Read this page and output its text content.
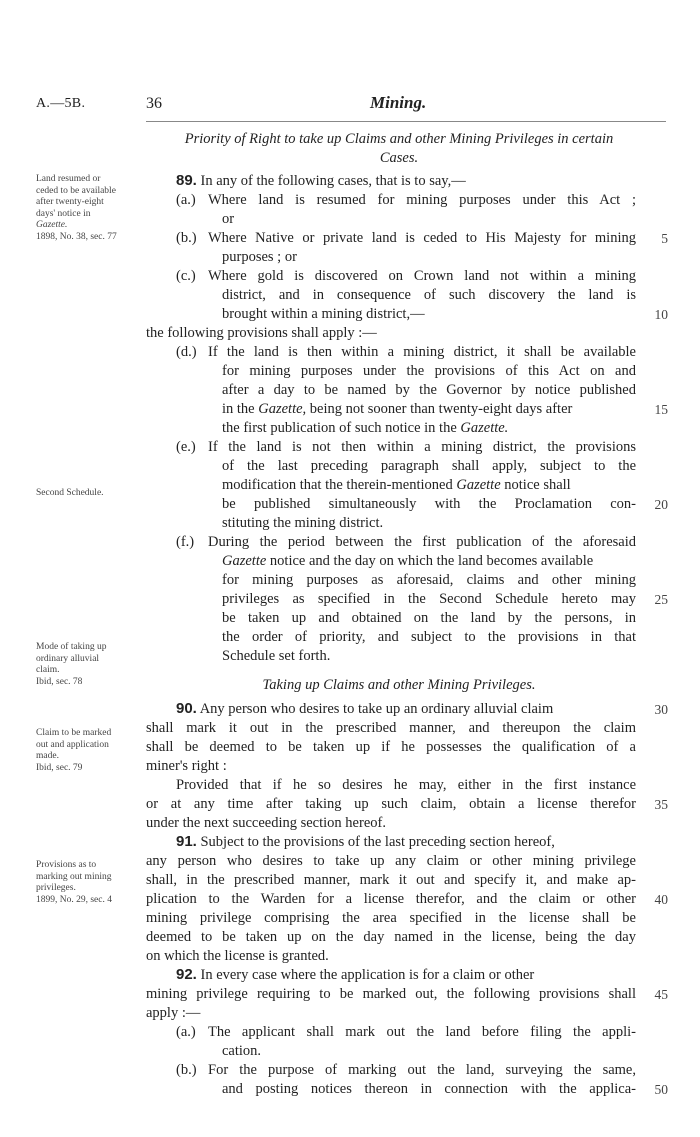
A.—5B.	36	Mining.
Priority of Right to take up Claims and other Mining Privileges in certain
Cases.
Land resumed or
ceded to be available
after twenty-eight
days' notice in
Gazette.
1898, No. 38, sec. 77
Second Schedule.
Mode of taking up
ordinary alluvial
claim.
Ibid, sec. 78
Claim to be marked
out and application
made.
Ibid, sec. 79
Provisions as to
marking out mining
privileges.
1899, No. 29, sec. 4
89. In any of the following cases, that is to say,—
(a.) Where land is resumed for mining purposes under this Act ;
or
(b.) Where Native or private land is ceded to His Majesty for mining
purposes ; or
(c.) Where gold is discovered on Crown land not within a mining
district, and in consequence of such discovery the land is
brought within a mining district,—
the following provisions shall apply :—
(d.) If the land is then within a mining district, it shall be available
for mining purposes under the provisions of this Act on and
after a day to be named by the Governor by notice published
in the Gazette, being not sooner than twenty-eight days after
the first publication of such notice in the Gazette.
(e.) If the land is not then within a mining district, the provisions
of the last preceding paragraph shall apply, subject to the
modification that the therein-mentioned Gazette notice shall
be published simultaneously with the Proclamation con-
stituting the mining district.
(f.) During the period between the first publication of the aforesaid
Gazette notice and the day on which the land becomes available
for mining purposes as aforesaid, claims and other mining
privileges as specified in the Second Schedule hereto may
be taken up and obtained on the land by the persons, in
the order of priority, and subject to the provisions in that
Schedule set forth.
Taking up Claims and other Mining Privileges.
90. Any person who desires to take up an ordinary alluvial claim
shall mark it out in the prescribed manner, and thereupon the claim
shall be deemed to be taken up if he possesses the qualification of a
miner's right :
Provided that if he so desires he may, either in the first instance
or at any time after taking up such claim, obtain a license therefor
under the next succeeding section hereof.
91. Subject to the provisions of the last preceding section hereof,
any person who desires to take up any claim or other mining privilege
shall, in the prescribed manner, mark it out and specify it, and make ap-
plication to the Warden for a license therefor, and the claim or other
mining privilege comprising the area specified in the license shall be
deemed to be taken up on the day named in the license, being the day
on which the license is granted.
92. In every case where the application is for a claim or other
mining privilege requiring to be marked out, the following provisions shall
apply :—
(a.) The applicant shall mark out the land before filing the appli-
cation.
(b.) For the purpose of marking out the land, surveying the same,
and posting notices thereon in connection with the applica-
5
10
15
20
25
30
35
40
45
50
